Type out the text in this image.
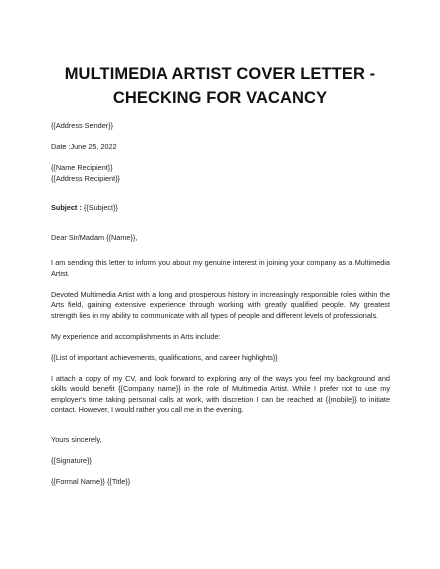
MULTIMEDIA ARTIST COVER LETTER -
CHECKING FOR VACANCY
{{Address Sender}}
Date :June 25, 2022
{{Name Recipient}}
{{Address Recipient}}
Subject : {{Subject}}
Dear Sir/Madam {{Name}},
I am sending this letter to inform you about my genuine interest in joining your company as a Multimedia Artist.
Devoted Multimedia Artist with a long and prosperous history in increasingly responsible roles within the Arts field, gaining extensive experience through working with greatly qualified people. My greatest strength lies in my ability to communicate with all types of people and different levels of professionals.
My experience and accomplishments in Arts include:
{{List of important achievements, qualifications, and career highlights}}
I attach a copy of my CV, and look forward to exploring any of the ways you feel my background and skills would benefit {{Company name}} in the role of Multimedia Artist. While I prefer not to use my employer's time taking personal calls at work, with discretion I can be reached at {{mobile}} to initiate contact. However, I would rather you call me in the evening.
Yours sincerely,
{{Signature}}
{{Formal Name}} {{Title}}
